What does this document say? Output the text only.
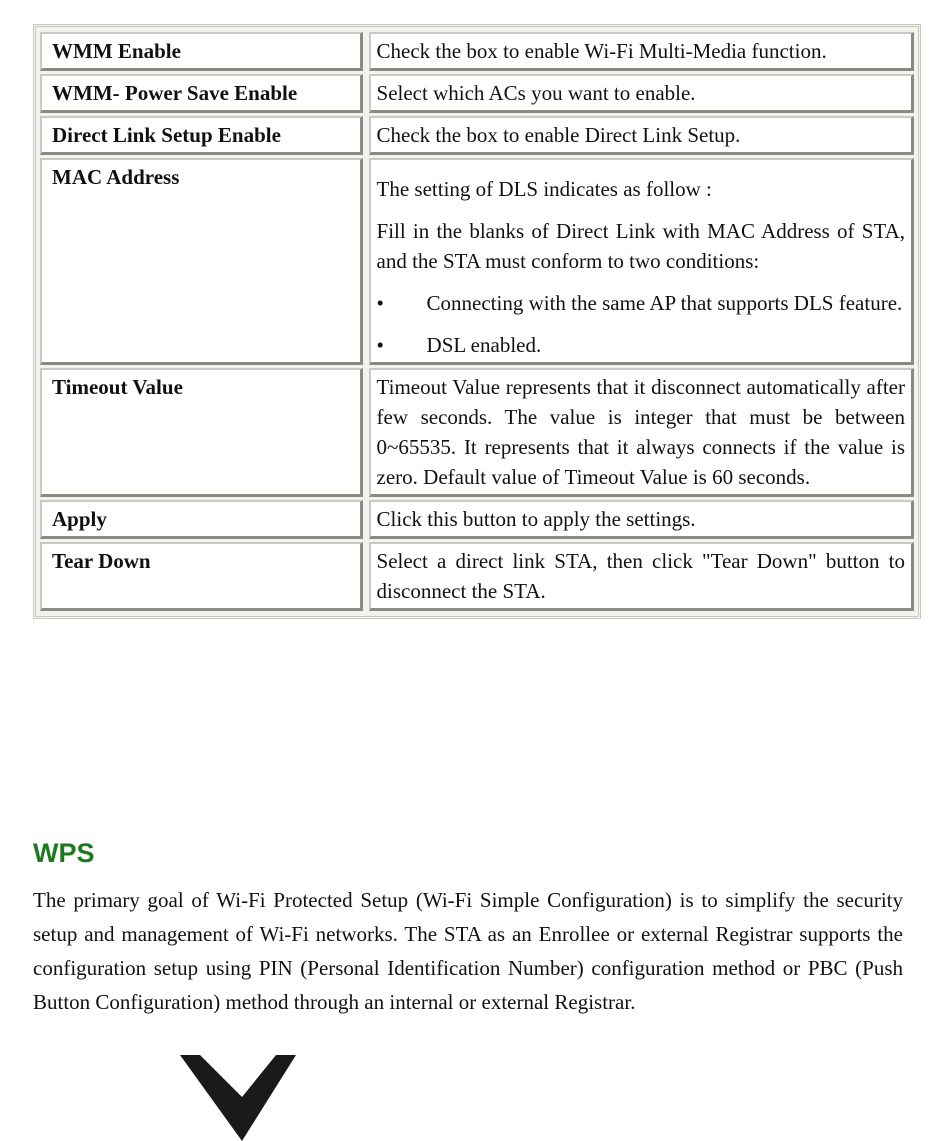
WMM Enable	Check the box to enable Wi-Fi Multi-Media function.

WMM- Power Save Enable	Select which ACs you want to enable.

Direct Link Setup Enable	Check the box to enable Direct Link Setup.

MAC Address	The setting of DLS indicates as follow :

Fill in the blanks of Direct Link with MAC Address of STA, and the STA must conform to two conditions:

•	Connecting with the same AP that supports DLS feature.
•	DSL enabled.
Timeout Value	Timeout Value represents that it disconnect automatically after few seconds. The value is integer that must be between 0~65535. It represents that it always connects if the value is zero. Default value of Timeout Value is 60 seconds.

Apply	Click this button to apply the settings.

Tear Down	Select a direct link STA, then click "Tear Down" button to disconnect the STA.

WPS

The primary goal of Wi-Fi Protected Setup (Wi-Fi Simple Configuration) is to simplify the security setup and management of Wi-Fi networks. The STA as an Enrollee or external Registrar supports the configuration setup using PIN (Personal Identification Number) configuration method or PBC (Push Button Configuration) method through an internal or external Registrar.
